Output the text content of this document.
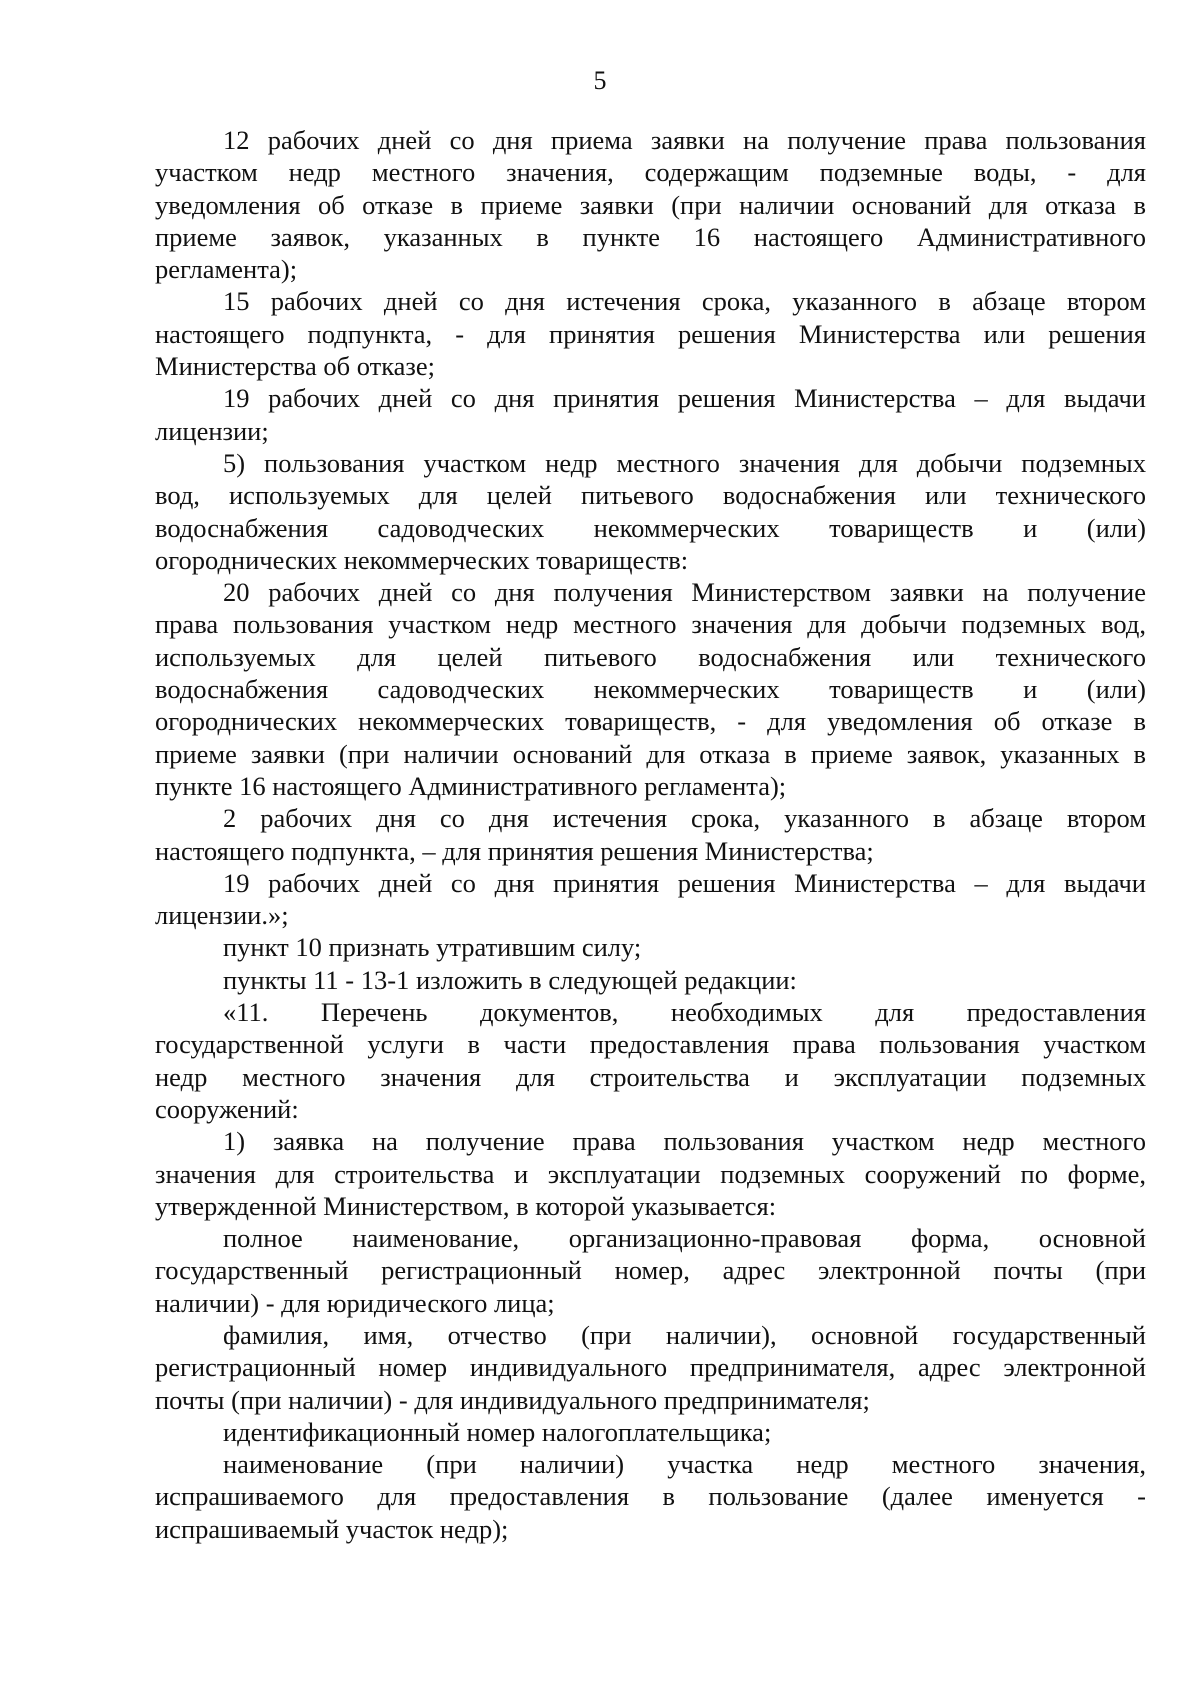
5
12 рабочих дней со дня приема заявки на получение права пользования
участком недр местного значения, содержащим подземные воды, - для
уведомления об отказе в приеме заявки (при наличии оснований для отказа в
приеме заявок, указанных в пункте 16 настоящего Административного
регламента);
15 рабочих дней со дня истечения срока, указанного в абзаце втором
настоящего подпункта, - для принятия решения Министерства или решения
Министерства об отказе;
19 рабочих дней со дня принятия решения Министерства – для выдачи
лицензии;
5) пользования участком недр местного значения для добычи подземных
вод, используемых для целей питьевого водоснабжения или технического
водоснабжения садоводческих некоммерческих товариществ и (или)
огороднических некоммерческих товариществ:
20 рабочих дней со дня получения Министерством заявки на получение
права пользования участком недр местного значения для добычи подземных вод,
используемых для целей питьевого водоснабжения или технического
водоснабжения садоводческих некоммерческих товариществ и (или)
огороднических некоммерческих товариществ, - для уведомления об отказе в
приеме заявки (при наличии оснований для отказа в приеме заявок, указанных в
пункте 16 настоящего Административного регламента);
2 рабочих дня со дня истечения срока, указанного в абзаце втором
настоящего подпункта, – для принятия решения Министерства;
19 рабочих дней со дня принятия решения Министерства – для выдачи
лицензии.»;
пункт 10 признать утратившим силу;
пункты 11 - 13-1 изложить в следующей редакции:
«11. Перечень документов, необходимых для предоставления
государственной услуги в части предоставления права пользования участком
недр местного значения для строительства и эксплуатации подземных
сооружений:
1) заявка на получение права пользования участком недр местного
значения для строительства и эксплуатации подземных сооружений по форме,
утвержденной Министерством, в которой указывается:
полное наименование, организационно-правовая форма, основной
государственный регистрационный номер, адрес электронной почты (при
наличии) - для юридического лица;
фамилия, имя, отчество (при наличии), основной государственный
регистрационный номер индивидуального предпринимателя, адрес электронной
почты (при наличии) - для индивидуального предпринимателя;
идентификационный номер налогоплательщика;
наименование (при наличии) участка недр местного значения,
испрашиваемого для предоставления в пользование (далее именуется -
испрашиваемый участок недр);
